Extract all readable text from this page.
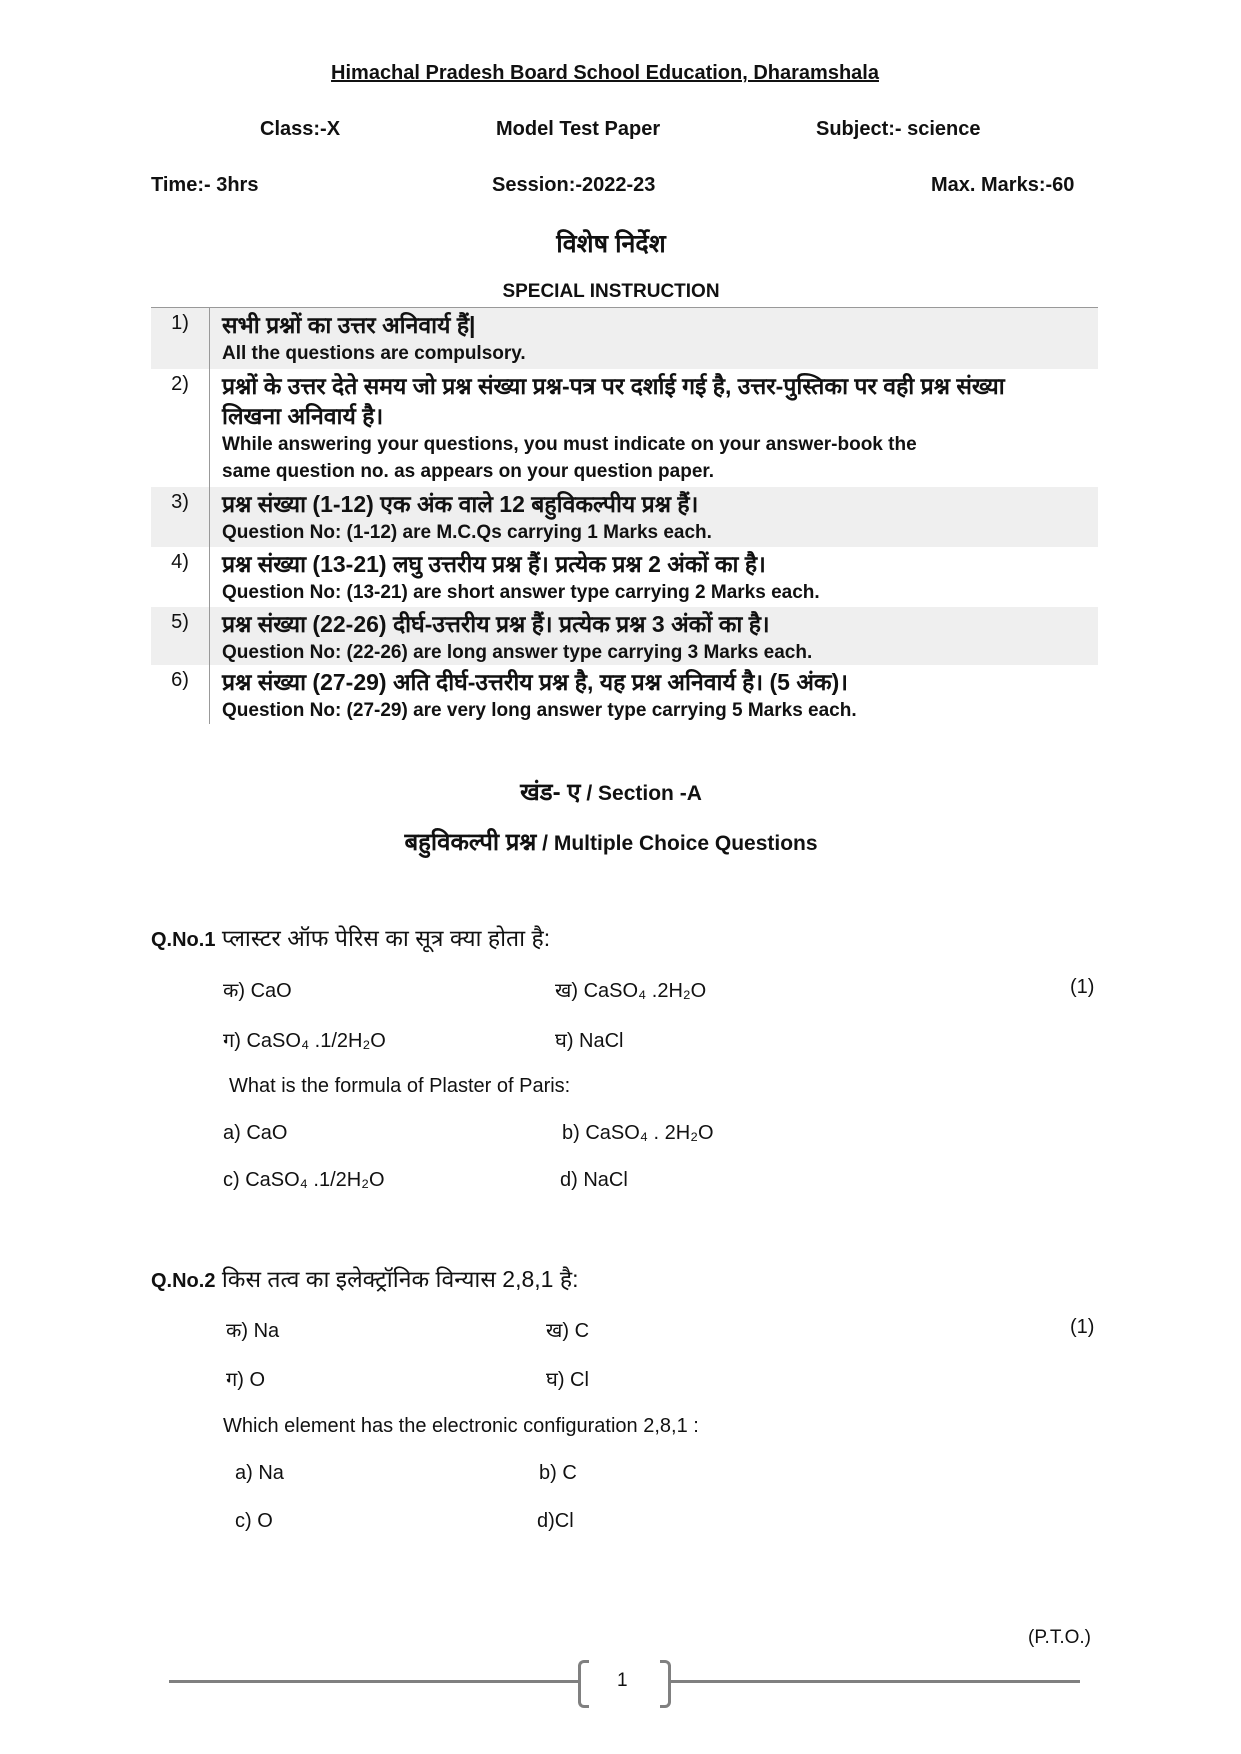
Himachal Pradesh Board School Education, Dharamshala
Class:-X	Model Test Paper	Subject:- science
Time:- 3hrs	Session:-2022-23	Max. Marks:-60
विशेष निर्देश
SPECIAL INSTRUCTION
1)	सभी प्रश्नों का उत्तर अनिवार्य हैं|
All the questions are compulsory.
2)	प्रश्नों के उत्तर देते समय जो प्रश्न संख्या प्रश्न-पत्र पर दर्शाई गई है, उत्तर-पुस्तिका पर वही प्रश्न संख्या लिखना अनिवार्य है।
While answering your questions, you must indicate on your answer-book the same question no. as appears on your question paper.
3)	प्रश्न संख्या (1-12) एक अंक वाले 12 बहुविकल्पीय प्रश्न हैं।
Question No: (1-12) are M.C.Qs carrying 1 Marks each.
4)	प्रश्न संख्या (13-21) लघु उत्तरीय प्रश्न हैं। प्रत्येक प्रश्न 2 अंकों का है।
Question No: (13-21) are short answer type carrying 2 Marks each.
5)	प्रश्न संख्या (22-26) दीर्घ-उत्तरीय प्रश्न हैं। प्रत्येक प्रश्न 3 अंकों का है।
Question No: (22-26) are long answer type carrying 3 Marks each.
6)	प्रश्न संख्या (27-29) अति दीर्घ-उत्तरीय प्रश्न है, यह प्रश्न अनिवार्य है। (5 अंक)।
Question No: (27-29) are very long answer type carrying 5 Marks each.
खंड- ए / Section -A
बहुविकल्पी प्रश्न / Multiple Choice Questions
Q.No.1 प्लास्टर ऑफ पेरिस का सूत्र क्या होता है:
क) CaO	ख) CaSO₄ .2H₂O	(1)
ग) CaSO₄ .1/2H₂O	घ) NaCl
What is the formula of Plaster of Paris:
a) CaO	b) CaSO₄ . 2H₂O
c) CaSO₄ .1/2H₂O	d) NaCl
Q.No.2 किस तत्व का इलेक्ट्रॉनिक विन्यास 2,8,1 है:
क) Na	ख) C	(1)
ग) O	घ) Cl
Which element has the electronic configuration 2,8,1 :
a) Na	b) C
c) O	d)Cl
(P.T.O.)
1
